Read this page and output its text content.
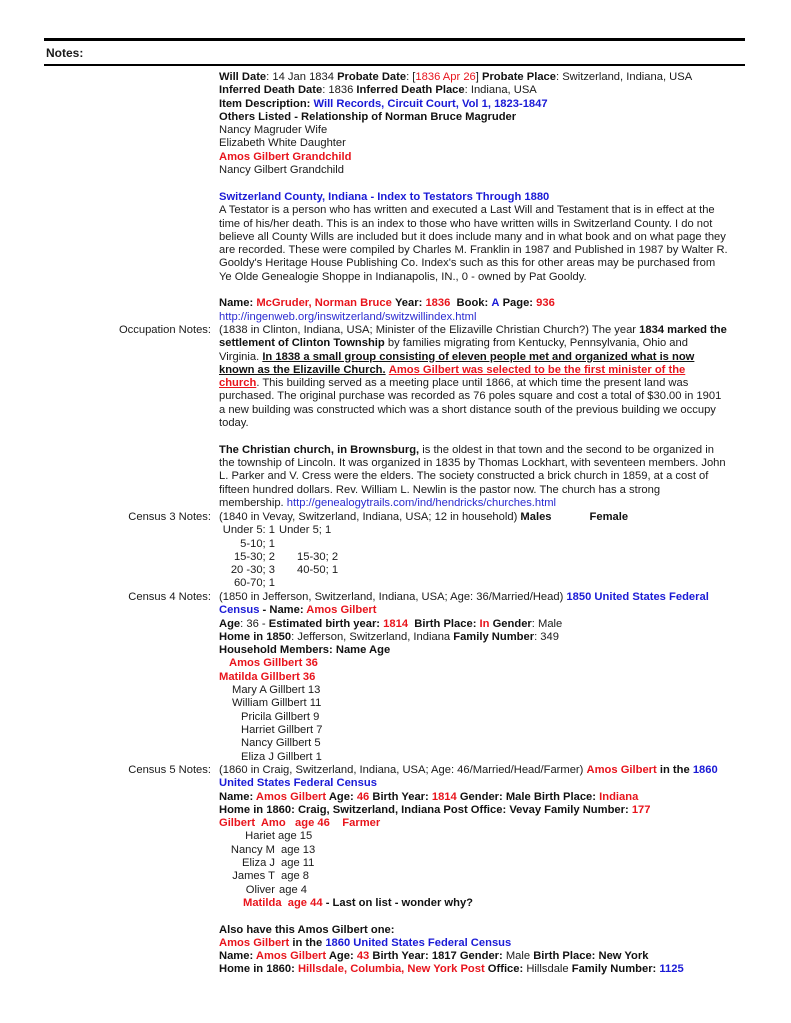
Notes:
Will Date: 14 Jan 1834 Probate Date: [1836 Apr 26] Probate Place: Switzerland, Indiana, USA
Inferred Death Date: 1836 Inferred Death Place: Indiana, USA
Item Description: Will Records, Circuit Court, Vol 1, 1823-1847
Others Listed - Relationship of Norman Bruce Magruder
Nancy Magruder Wife
Elizabeth White Daughter
Amos Gilbert Grandchild
Nancy Gilbert Grandchild
Switzerland County, Indiana - Index to Testators Through 1880
A Testator is a person who has written and executed a Last Will and Testament that is in effect at the
time of his/her death. This is an index to those who have written wills in Switzerland County. I do not
believe all County Wills are included but it does include many and in what book and on what page they
are recorded. These were compiled by Charles M. Franklin in 1987 and Published in 1987 by Walter R.
Gooldy's Heritage House Publishing Co. Index's such as this for other areas may be purchased from
Ye Olde Genealogie Shoppe in Indianapolis, IN., 0 - owned by Pat Gooldy.
Name: McGruder, Norman Bruce Year: 1836 Book: A Page: 936
http://ingenweb.org/inswitzerland/switzwillindex.html
Occupation Notes: (1838 in Clinton, Indiana, USA; Minister of the Elizaville Christian Church?) The year 1834 marked the
settlement of Clinton Township by families migrating from Kentucky, Pennsylvania, Ohio and
Virginia. In 1838 a small group consisting of eleven people met and organized what is now
known as the Elizaville Church. Amos Gilbert was selected to be the first minister of the
church. This building served as a meeting place until 1866, at which time the present land was
purchased. The original purchase was recorded as 76 poles square and cost a total of $30.00 in 1901
a new building was constructed which was a short distance south of the previous building we occupy
today.
The Christian church, in Brownsburg, is the oldest in that town and the second to be organized in
the township of Lincoln. It was organized in 1835 by Thomas Lockhart, with seventeen members. John
L. Parker and V. Cress were the elders. The society constructed a brick church in 1859, at a cost of
fifteen hundred dollars. Rev. William L. Newlin is the pastor now. The church has a strong
membership. http://genealogytrails.com/ind/hendricks/churches.html
Census 3 Notes: (1840 in Vevay, Switzerland, Indiana, USA; 12 in household) Males	Female
Under 5: 1 Under 5; 1
5-10; 1
15-30; 2 15-30; 2
20 -30; 3 40-50; 1
60-70; 1
Census 4 Notes: (1850 in Jefferson, Switzerland, Indiana, USA; Age: 36/Married/Head) 1850 United States Federal
Census - Name: Amos Gilbert
Age: 36 - Estimated birth year: 1814 Birth Place: In Gender: Male
Home in 1850: Jefferson, Switzerland, Indiana Family Number: 349
Household Members: Name Age
Amos Gillbert 36
Matilda Gillbert 36
Mary A Gillbert 13
William Gillbert 11
Pricila Gillbert 9
Harriet Gillbert 7
Nancy Gillbert 5
Eliza J Gillbert 1
Census 5 Notes: (1860 in Craig, Switzerland, Indiana, USA; Age: 46/Married/Head/Farmer) Amos Gilbert in the 1860
United States Federal Census
Name: Amos Gilbert Age: 46 Birth Year: 1814 Gender: Male Birth Place: Indiana
Home in 1860: Craig, Switzerland, Indiana Post Office: Vevay Family Number: 177
Gilbert  Amo   age 46    Farmer
Hariet age 15
Nancy M age 13
Eliza J age 11
James T age 8
Oliver age 4
Matilda  age 44 - Last on list - wonder why?
Also have this Amos Gilbert one:
Amos Gilbert in the 1860 United States Federal Census
Name: Amos Gilbert Age: 43 Birth Year: 1817 Gender: Male Birth Place: New York
Home in 1860: Hillsdale, Columbia, New York Post Office: Hillsdale Family Number: 1125
